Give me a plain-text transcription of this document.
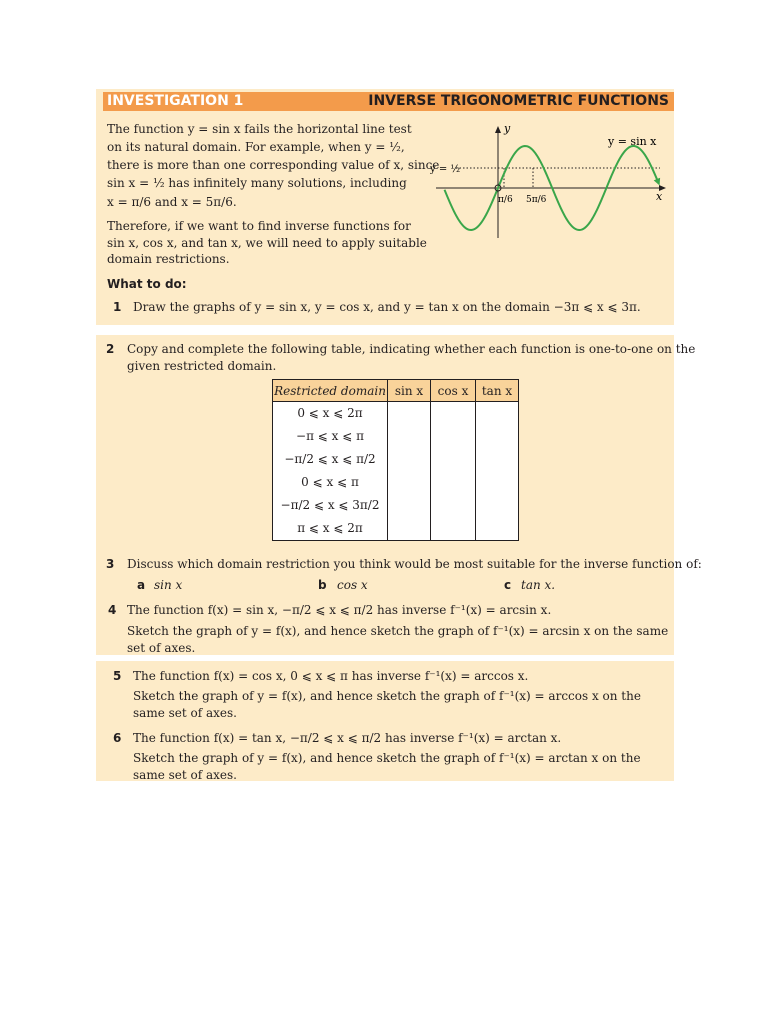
INVESTIGATION 1	INVERSE TRIGONOMETRIC FUNCTIONS
The function y = sin x fails the horizontal line test
on its natural domain. For example, when y = ½,
there is more than one corresponding value of x, since
sin x = ½ has infinitely many solutions, including
x = π/6 and x = 5π/6.
Therefore, if we want to find inverse functions for
sin x, cos x, and tan x, we will need to apply suitable
domain restrictions.
y
x
y = sin x
y = ½
π/6 5π/6
What to do:
1 Draw the graphs of y = sin x, y = cos x, and y = tan x on the domain −3π ⩽ x ⩽ 3π.
2 Copy and complete the following table, indicating whether each function is one-to-one on the
given restricted domain.
Restricted domain	sin x	cos x	tan x
0 ⩽ x ⩽ 2π			
−π ⩽ x ⩽ π			
−π/2 ⩽ x ⩽ π/2			
0 ⩽ x ⩽ π			
−π/2 ⩽ x ⩽ 3π/2			
π ⩽ x ⩽ 2π			
3 Discuss which domain restriction you think would be most suitable for the inverse function of:
a sin x	b cos x	c tan x.
4 The function f(x) = sin x, −π/2 ⩽ x ⩽ π/2 has inverse f⁻¹(x) = arcsin x.
Sketch the graph of y = f(x), and hence sketch the graph of f⁻¹(x) = arcsin x on the same
set of axes.
5 The function f(x) = cos x, 0 ⩽ x ⩽ π has inverse f⁻¹(x) = arccos x.
Sketch the graph of y = f(x), and hence sketch the graph of f⁻¹(x) = arccos x on the
same set of axes.
6 The function f(x) = tan x, −π/2 ⩽ x ⩽ π/2 has inverse f⁻¹(x) = arctan x.
Sketch the graph of y = f(x), and hence sketch the graph of f⁻¹(x) = arctan x on the
same set of axes.
